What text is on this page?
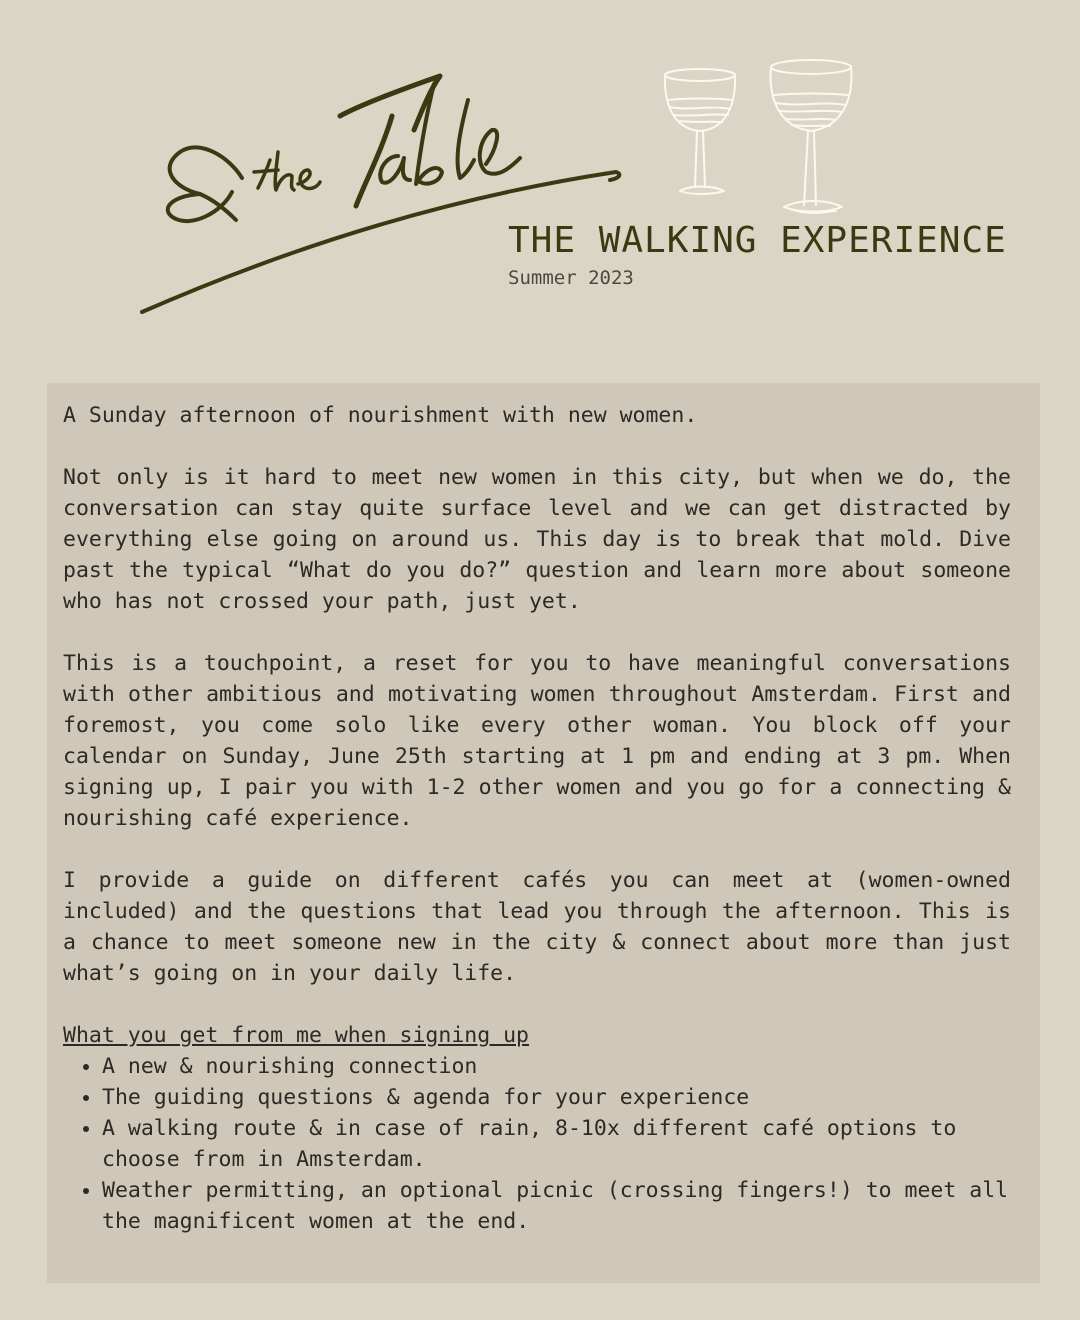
THE WALKING EXPERIENCE
Summer 2023

A Sunday afternoon of nourishment with new women.

Not only is it hard to meet new women in this city, but when we do, the conversation can stay quite surface level and we can get distracted by everything else going on around us. This day is to break that mold. Dive past the typical “What do you do?” question and learn more about someone who has not crossed your path, just yet.

This is a touchpoint, a reset for you to have meaningful conversations with other ambitious and motivating women throughout Amsterdam. First and foremost, you come solo like every other woman. You block off your calendar on Sunday, June 25th starting at 1 pm and ending at 3 pm. When signing up, I pair you with 1-2 other women and you go for a connecting & nourishing café experience.

I provide a guide on different cafés you can meet at (women-owned included) and the questions that lead you through the afternoon. This is a chance to meet someone new in the city & connect about more than just what’s going on in your daily life.

What you get from me when signing up
• A new & nourishing connection
• The guiding questions & agenda for your experience
• A walking route & in case of rain, 8-10x different café options to choose from in Amsterdam.
• Weather permitting, an optional picnic (crossing fingers!) to meet all the magnificent women at the end.
